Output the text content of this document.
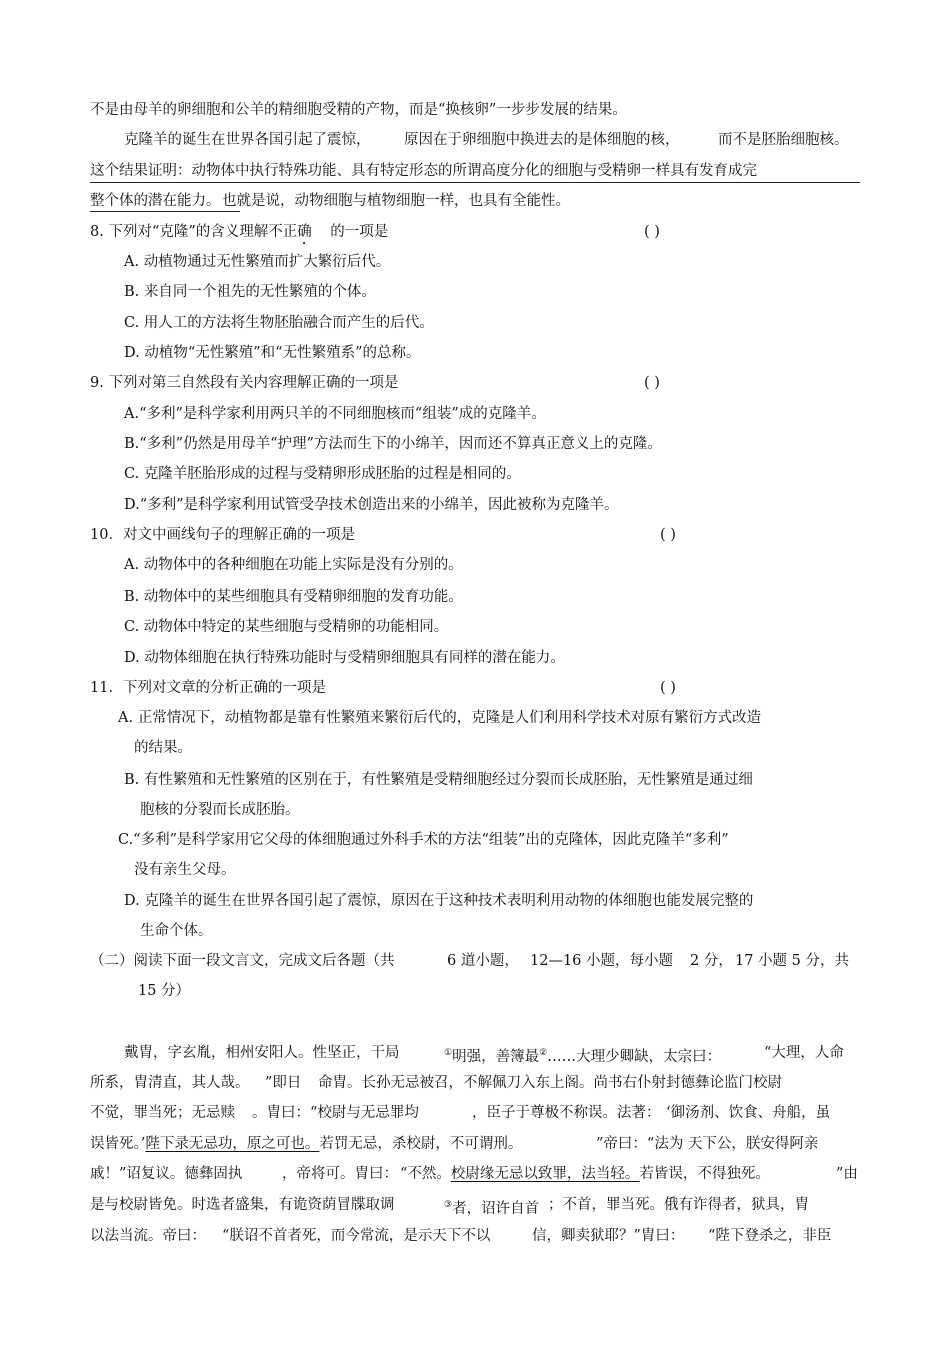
不是由母羊的卵细胞和公羊的精细胞受精的产物，而是“换核卵”一步步发展的结果。
克隆羊的诞生在世界各国引起了震惊， 原因在于卵细胞中换进去的是体细胞的核，	而不是胚胎细胞核。
这个结果证明：动物体中执行特殊功能、具有特定形态的所谓高度分化的细胞与受精卵一样具有发育成完
整个体的潜在能力。 也就是说，动物细胞与植物细胞一样，也具有全能性。
8. 下列对“克隆”的含义理解不正确 的一项是	( )
A. 动植物通过无性繁殖而扩大繁衍后代。
B. 来自同一个祖先的无性繁殖的个体。
C. 用人工的方法将生物胚胎融合而产生的后代。
D. 动植物“无性繁殖”和“无性繁殖系”的总称。
9. 下列对第三自然段有关内容理解正确的一项是	( )
A.“多利”是科学家利用两只羊的不同细胞核而“组装”成的克隆羊。
B.“多利”仍然是用母羊“护理”方法而生下的小绵羊，因而还不算真正意义上的克隆。
C. 克隆羊胚胎形成的过程与受精卵形成胚胎的过程是相同的。
D.“多利”是科学家利用试管受孕技术创造出来的小绵羊，因此被称为克隆羊。
10．对文中画线句子的理解正确的一项是	( )
A. 动物体中的各种细胞在功能上实际是没有分别的。
B. 动物体中的某些细胞具有受精卵细胞的发育功能。
C. 动物体中特定的某些细胞与受精卵的功能相同。
D. 动物体细胞在执行特殊功能时与受精卵细胞具有同样的潜在能力。
11．下列对文章的分析正确的一项是	( )
A. 正常情况下，动植物都是靠有性繁殖来繁衍后代的，克隆是人们利用科学技术对原有繁衍方式改造
的结果。
B. 有性繁殖和无性繁殖的区别在于，有性繁殖是受精细胞经过分裂而长成胚胎，无性繁殖是通过细
胞核的分裂而长成胚胎。
C.“多利”是科学家用它父母的体细胞通过外科手术的方法“组装”出的克隆体，因此克隆羊“多利”
没有亲生父母。
D. 克隆羊的诞生在世界各国引起了震惊，原因在于这种技术表明利用动物的体细胞也能发展完整的
生命个体。
（二）阅读下面一段文言文，完成文后各题（共	6 道小题， 12—16 小题，每小题 2 分， 17 小题 5 分，共
15 分）
戴胄，字玄胤，相州安阳人。性坚正，干局	①明强，善簿最②……大理少卿缺，太宗曰：	“大理，人命
所系，胄清直，其人哉。 ”即日 命胄。长孙无忌被召，不解佩刀入东上阁。尚书右仆射封德彝论监门校尉
不觉，罪当死；无忌赎 。胄曰：“校尉与无忌罪均	，臣子于尊极不称误。法著： ‘御汤剂、饮食、舟船，虽
误皆死。’陛下录无忌功，原之可也。若罚无忌，杀校尉，不可谓刑。	”帝曰：“法为 天下公，朕安得阿亲
戚！”诏复议。德彝固执	，帝将可。胄曰： “不然。校尉缘无忌以致罪，法当轻。若皆误，不得独死。	”由
是与校尉皆免。时选者盛集，有诡资荫冒牒取调	③者，诏许自首 ；不首，罪当死。俄有诈得者，狱具，胄
以法当流。帝曰： “朕诏不首者死，而今常流，是示天下不以	信，卿卖狱耶？”胄曰： “陛下登杀之，非臣
